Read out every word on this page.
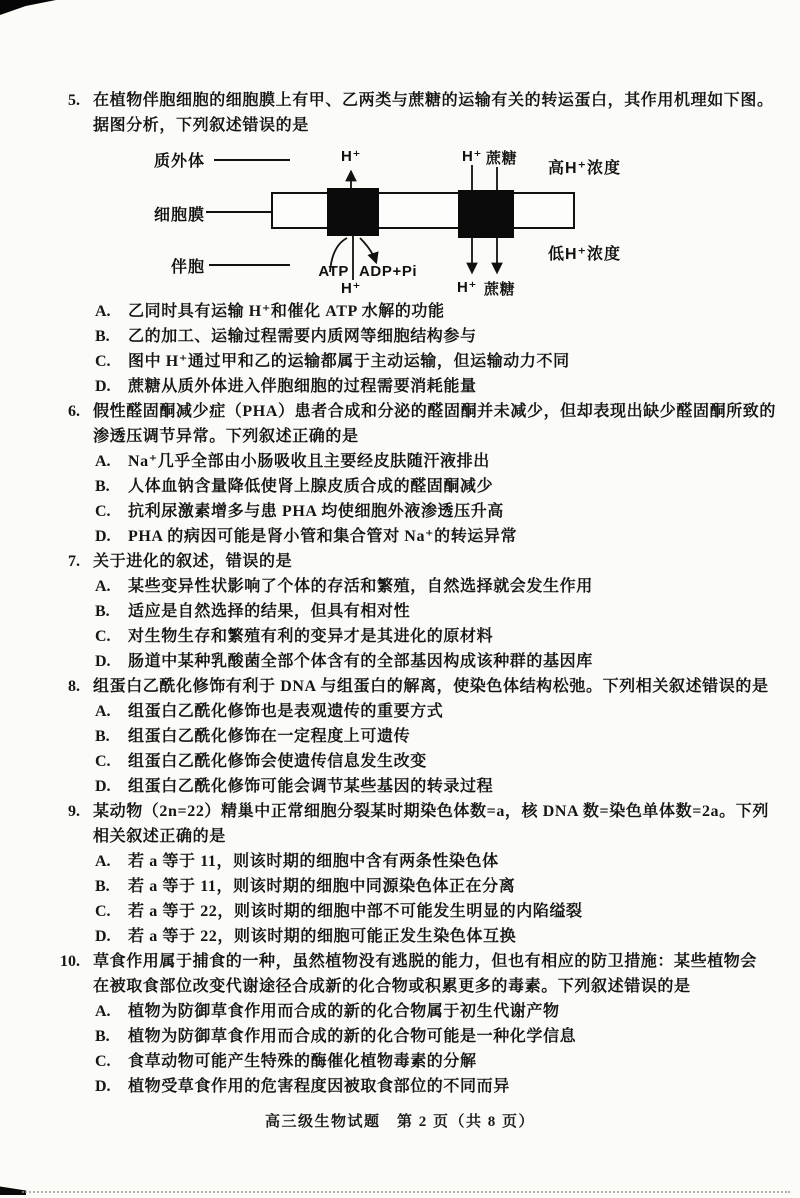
5. 在植物伴胞细胞的细胞膜上有甲、乙两类与蔗糖的运输有关的转运蛋白，其作用机理如下图。
据图分析，下列叙述错误的是
质外体
细胞膜
伴胞
H⁺
ATP ADP+Pi
H⁺
H⁺ 蔗糖
H⁺ 蔗糖
高H⁺浓度
低H⁺浓度
A. 乙同时具有运输 H⁺和催化 ATP 水解的功能
B. 乙的加工、运输过程需要内质网等细胞结构参与
C. 图中 H⁺通过甲和乙的运输都属于主动运输，但运输动力不同
D. 蔗糖从质外体进入伴胞细胞的过程需要消耗能量
6. 假性醛固酮减少症（PHA）患者合成和分泌的醛固酮并未减少，但却表现出缺少醛固酮所致的
渗透压调节异常。下列叙述正确的是
A. Na⁺几乎全部由小肠吸收且主要经皮肤随汗液排出
B. 人体血钠含量降低使肾上腺皮质合成的醛固酮减少
C. 抗利尿激素增多与患 PHA 均使细胞外液渗透压升高
D. PHA 的病因可能是肾小管和集合管对 Na⁺的转运异常
7. 关于进化的叙述，错误的是
A. 某些变异性状影响了个体的存活和繁殖，自然选择就会发生作用
B. 适应是自然选择的结果，但具有相对性
C. 对生物生存和繁殖有利的变异才是其进化的原材料
D. 肠道中某种乳酸菌全部个体含有的全部基因构成该种群的基因库
8. 组蛋白乙酰化修饰有利于 DNA 与组蛋白的解离，使染色体结构松弛。下列相关叙述错误的是
A. 组蛋白乙酰化修饰也是表观遗传的重要方式
B. 组蛋白乙酰化修饰在一定程度上可遗传
C. 组蛋白乙酰化修饰会使遗传信息发生改变
D. 组蛋白乙酰化修饰可能会调节某些基因的转录过程
9. 某动物（2n=22）精巢中正常细胞分裂某时期染色体数=a，核 DNA 数=染色单体数=2a。下列
相关叙述正确的是
A. 若 a 等于 11，则该时期的细胞中含有两条性染色体
B. 若 a 等于 11，则该时期的细胞中同源染色体正在分离
C. 若 a 等于 22，则该时期的细胞中部不可能发生明显的内陷缢裂
D. 若 a 等于 22，则该时期的细胞可能正发生染色体互换
10. 草食作用属于捕食的一种，虽然植物没有逃脱的能力，但也有相应的防卫措施：某些植物会
在被取食部位改变代谢途径合成新的化合物或积累更多的毒素。下列叙述错误的是
A. 植物为防御草食作用而合成的新的化合物属于初生代谢产物
B. 植物为防御草食作用而合成的新的化合物可能是一种化学信息
C. 食草动物可能产生特殊的酶催化植物毒素的分解
D. 植物受草食作用的危害程度因被取食部位的不同而异
高三级生物试题　第 2 页（共 8 页）
